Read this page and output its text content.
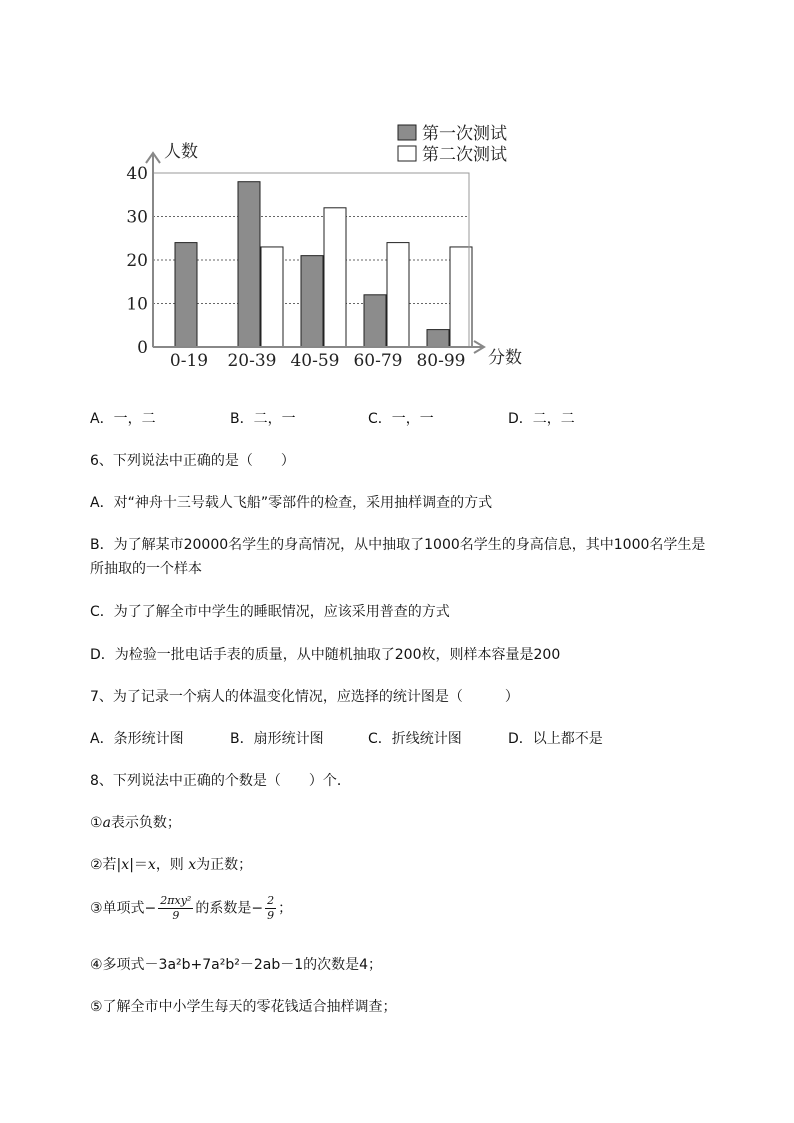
0
10
20
30
40
0-19 20-39 40-59 60-79 80-99
人数
分数
第一次测试
第二次测试
A．一，二	B．二，一	C．一，一	D．二，二
6、下列说法中正确的是（　　）
A．对“神舟十三号载人飞船”零部件的检查，采用抽样调查的方式
B．为了解某市20000名学生的身高情况，从中抽取了1000名学生的身高信息，其中1000名学生是
所抽取的一个样本
C．为了了解全市中学生的睡眠情况，应该采用普查的方式
D．为检验一批电话手表的质量，从中随机抽取了200枚，则样本容量是200
7、为了记录一个病人的体温变化情况，应选择的统计图是（　　　）
A．条形统计图	B．扇形统计图	C．折线统计图	D．以上都不是
8、下列说法中正确的个数是（　　）个．
①a表示负数；
②若|x|＝x，则 x为正数；
③单项式− $\frac{\text{2πxy²}}{9}$ 的系数是− $\frac{2}{9}$ ；
④多项式－3a²b+7a²b²－2ab－1的次数是4；
⑤了解全市中小学生每天的零花钱适合抽样调查；
